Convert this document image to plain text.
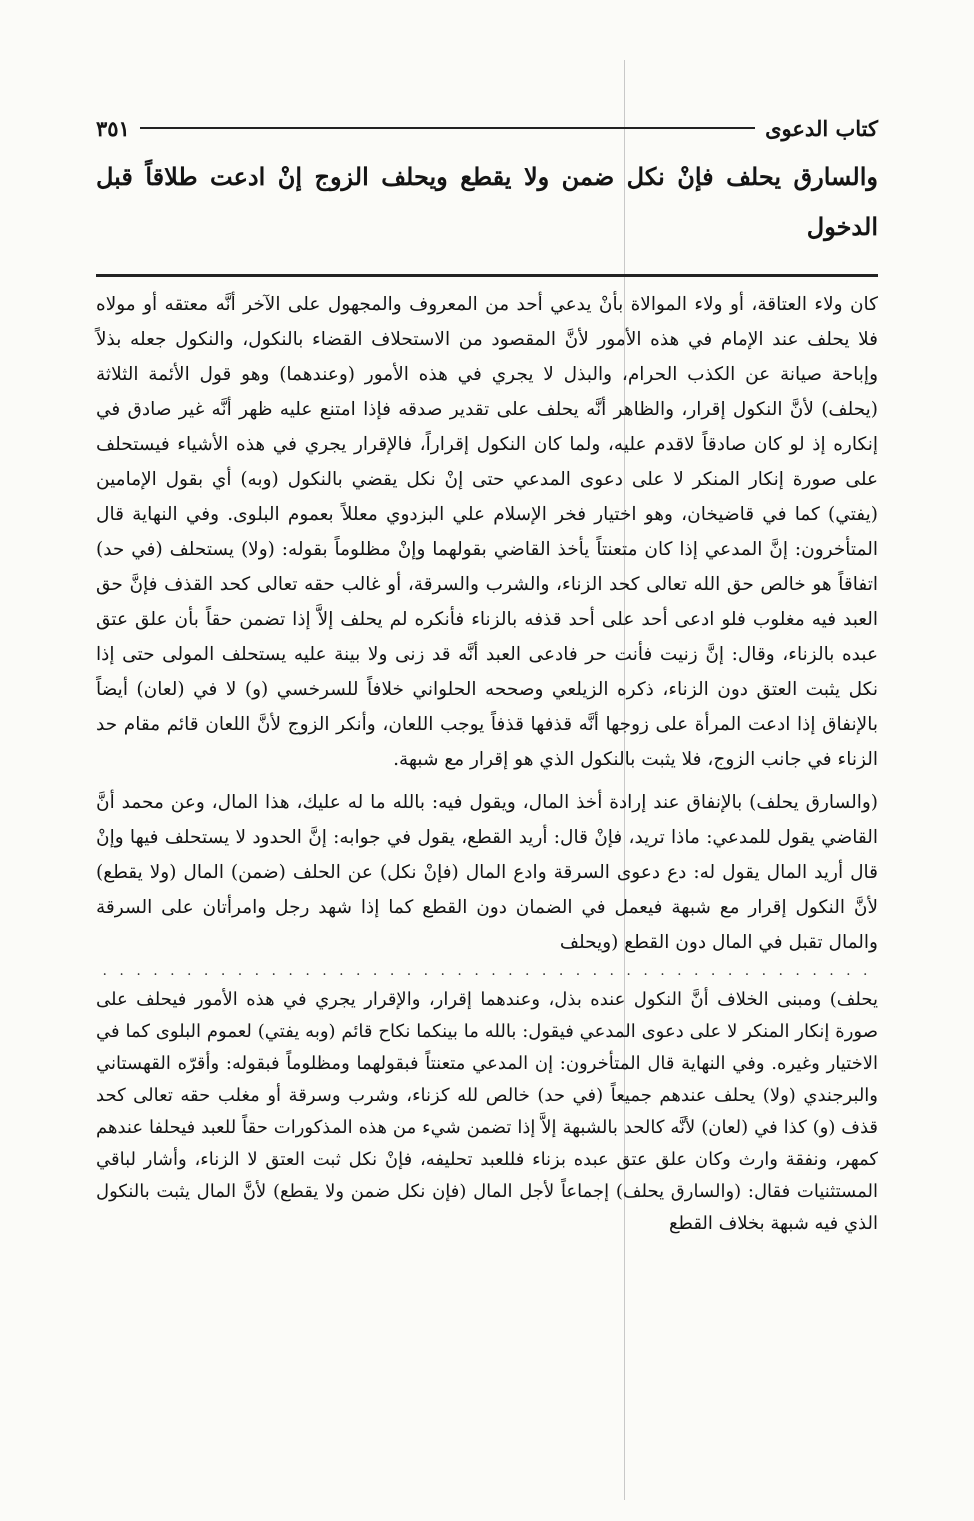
كتاب الدعوى
٣٥١
والسارق يحلف فإنْ نكل ضمن ولا يقطع ويحلف الزوج إنْ ادعت طلاقاً قبل الدخول

كان ولاء العتاقة، أو ولاء الموالاة بأنْ يدعي أحد من المعروف والمجهول على الآخر أنَّه معتقه أو مولاه فلا يحلف عند الإمام في هذه الأمور لأنَّ المقصود من الاستحلاف القضاء بالنكول، والنكول جعله بذلاً وإباحة صيانة عن الكذب الحرام، والبذل لا يجري في هذه الأمور (وعندهما) وهو قول الأئمة الثلاثة (يحلف) لأنَّ النكول إقرار، والظاهر أنَّه يحلف على تقدير صدقه فإذا امتنع عليه ظهر أنَّه غير صادق في إنكاره إذ لو كان صادقاً لاقدم عليه، ولما كان النكول إقراراً، فالإقرار يجري في هذه الأشياء فيستحلف على صورة إنكار المنكر لا على دعوى المدعي حتى إنْ نكل يقضي بالنكول (وبه) أي بقول الإمامين (يفتي) كما في قاضيخان، وهو اختيار فخر الإسلام علي البزدوي معللاً بعموم البلوى. وفي النهاية قال المتأخرون: إنَّ المدعي إذا كان متعنتاً يأخذ القاضي بقولهما وإنْ مظلوماً بقوله: (ولا) يستحلف (في حد) اتفاقاً هو خالص حق الله تعالى كحد الزناء، والشرب والسرقة، أو غالب حقه تعالى كحد القذف فإنَّ حق العبد فيه مغلوب فلو ادعى أحد على أحد قذفه بالزناء فأنكره لم يحلف إلاَّ إذا تضمن حقاً بأن علق عتق عبده بالزناء، وقال: إنَّ زنيت فأنت حر فادعى العبد أنَّه قد زنى ولا بينة عليه يستحلف المولى حتى إذا نكل يثبت العتق دون الزناء، ذكره الزيلعي وصححه الحلواني خلافاً للسرخسي (و) لا في (لعان) أيضاً بالإنفاق إذا ادعت المرأة على زوجها أنَّه قذفها قذفاً يوجب اللعان، وأنكر الزوج لأنَّ اللعان قائم مقام حد الزناء في جانب الزوج، فلا يثبت بالنكول الذي هو إقرار مع شبهة.

(والسارق يحلف) بالإنفاق عند إرادة أخذ المال، ويقول فيه: بالله ما له عليك، هذا المال، وعن محمد أنَّ القاضي يقول للمدعي: ماذا تريد، فإنْ قال: أريد القطع، يقول في جوابه: إنَّ الحدود لا يستحلف فيها وإنْ قال أريد المال يقول له: دع دعوى السرقة وادع المال (فإنْ نكل) عن الحلف (ضمن) المال (ولا يقطع) لأنَّ النكول إقرار مع شبهة فيعمل في الضمان دون القطع كما إذا شهد رجل وامرأتان على السرقة والمال تقبل في المال دون القطع (ويحلف

. . . . . . . . . . . . . . . . . . . . . . . . . . . . . . . . . . . . . . . . . . . . . .
يحلف) ومبنى الخلاف أنَّ النكول عنده بذل، وعندهما إقرار، والإقرار يجري في هذه الأمور فيحلف على صورة إنكار المنكر لا على دعوى المدعي فيقول: بالله ما بينكما نكاح قائم (وبه يفتي) لعموم البلوى كما في الاختيار وغيره. وفي النهاية قال المتأخرون: إن المدعي متعنتاً فبقولهما ومظلوماً فبقوله: وأقرّه القهستاني والبرجندي (ولا) يحلف عندهم جميعاً (في حد) خالص لله كزناء، وشرب وسرقة أو مغلب حقه تعالى كحد قذف (و) كذا في (لعان) لأنَّه كالحد بالشبهة إلاَّ إذا تضمن شيء من هذه المذكورات حقاً للعبد فيحلفا عندهم كمهر، ونفقة وارث وكان علق عتق عبده بزناء فللعبد تحليفه، فإنْ نكل ثبت العتق لا الزناء، وأشار لباقي المستثنيات فقال: (والسارق يحلف) إجماعاً لأجل المال (فإن نكل ضمن ولا يقطع) لأنَّ المال يثبت بالنكول الذي فيه شبهة بخلاف القطع
